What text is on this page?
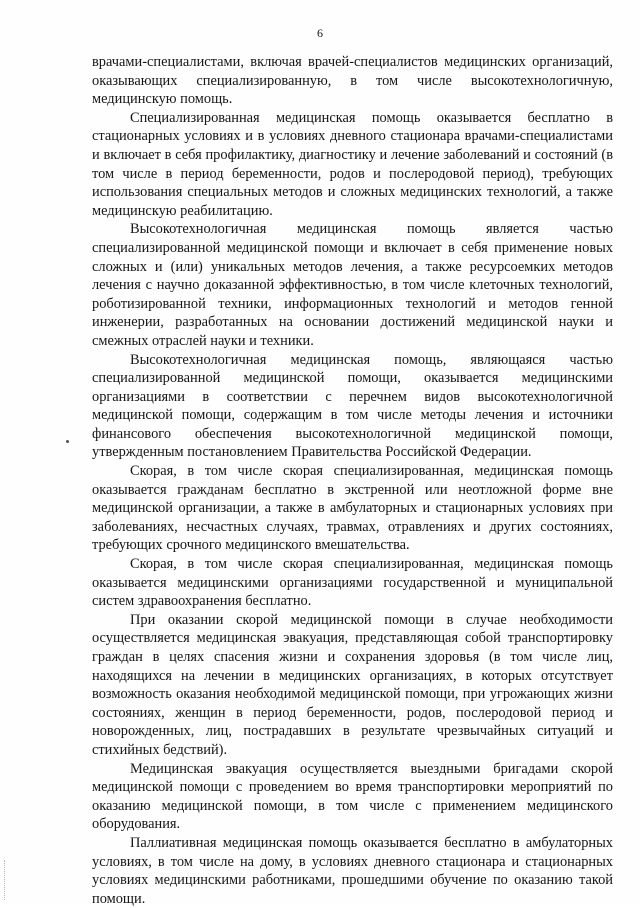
6

врачами-специалистами, включая врачей-специалистов медицинских организаций, оказывающих специализированную, в том числе высокотехнологичную, медицинскую помощь.

Специализированная медицинская помощь оказывается бесплатно в стационарных условиях и в условиях дневного стационара врачами-специалистами и включает в себя профилактику, диагностику и лечение заболеваний и состояний (в том числе в период беременности, родов и послеродовой период), требующих использования специальных методов и сложных медицинских технологий, а также медицинскую реабилитацию.

Высокотехнологичная медицинская помощь является частью специализированной медицинской помощи и включает в себя применение новых сложных и (или) уникальных методов лечения, а также ресурсоемких методов лечения с научно доказанной эффективностью, в том числе клеточных технологий, роботизированной техники, информационных технологий и методов генной инженерии, разработанных на основании достижений медицинской науки и смежных отраслей науки и техники.

Высокотехнологичная медицинская помощь, являющаяся частью специализированной медицинской помощи, оказывается медицинскими организациями в соответствии с перечнем видов высокотехнологичной медицинской помощи, содержащим в том числе методы лечения и источники финансового обеспечения высокотехнологичной медицинской помощи, утвержденным постановлением Правительства Российской Федерации.

Скорая, в том числе скорая специализированная, медицинская помощь оказывается гражданам бесплатно в экстренной или неотложной форме вне медицинской организации, а также в амбулаторных и стационарных условиях при заболеваниях, несчастных случаях, травмах, отравлениях и других состояниях, требующих срочного медицинского вмешательства.

Скорая, в том числе скорая специализированная, медицинская помощь оказывается медицинскими организациями государственной и муниципальной систем здравоохранения бесплатно.

При оказании скорой медицинской помощи в случае необходимости осуществляется медицинская эвакуация, представляющая собой транспортировку граждан в целях спасения жизни и сохранения здоровья (в том числе лиц, находящихся на лечении в медицинских организациях, в которых отсутствует возможность оказания необходимой медицинской помощи, при угрожающих жизни состояниях, женщин в период беременности, родов, послеродовой период и новорожденных, лиц, пострадавших в результате чрезвычайных ситуаций и стихийных бедствий).

Медицинская эвакуация осуществляется выездными бригадами скорой медицинской помощи с проведением во время транспортировки мероприятий по оказанию медицинской помощи, в том числе с применением медицинского оборудования.

Паллиативная медицинская помощь оказывается бесплатно в амбулаторных условиях, в том числе на дому, в условиях дневного стационара и стационарных условиях медицинскими работниками, прошедшими обучение по оказанию такой помощи.
